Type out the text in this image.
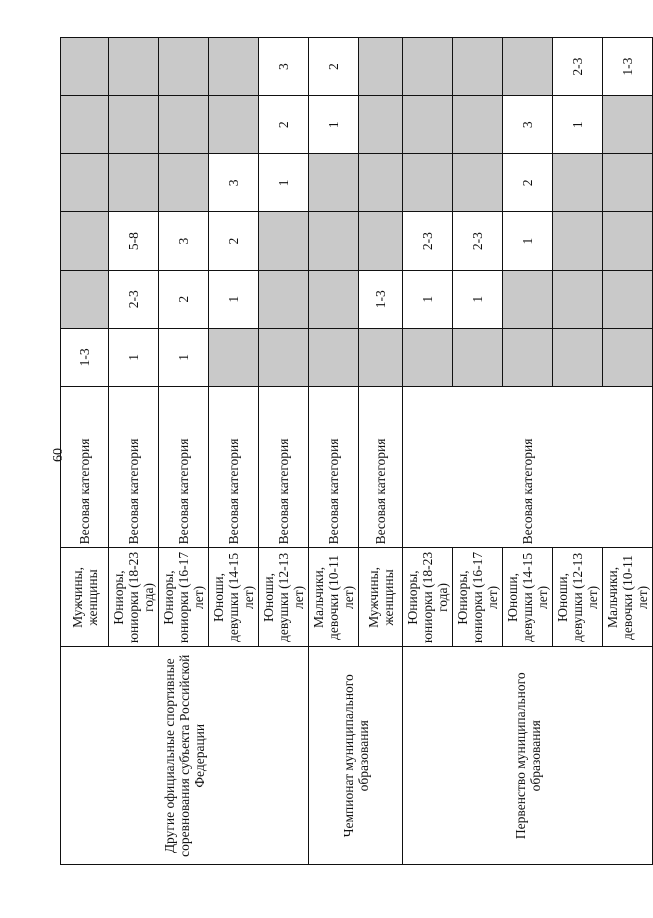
60
Другие официальные спортивные соревнования субъекта Российской Федерации	Мужчины, женщины	Весовая категория	1-3					
	Юниоры, юниорки (18-23 года)	Весовая категория	1	2-3	5-8			
	Юниоры, юниорки (16-17 лет)	Весовая категория	1	2	3			
	Юноши, девушки (14-15 лет)	Весовая категория		1	2	3		
	Юноши, девушки (12-13 лет)	Весовая категория				1	2	3
Чемпионат муниципального образования	Мальчики, девочки (10-11 лет)	Весовая категория					1	2
	Мужчины, женщины	Весовая категория		1-3				
Первенство муниципального образования	Юниоры, юниорки (18-23 года)	Весовая категория		1	2-3			
	Юниоры, юниорки (16-17 лет)			1	2-3			
	Юноши, девушки (14-15 лет)				1	2	3	
	Юноши, девушки (12-13 лет)						1	2-3
	Мальчики, девочки (10-11 лет)							1-3
